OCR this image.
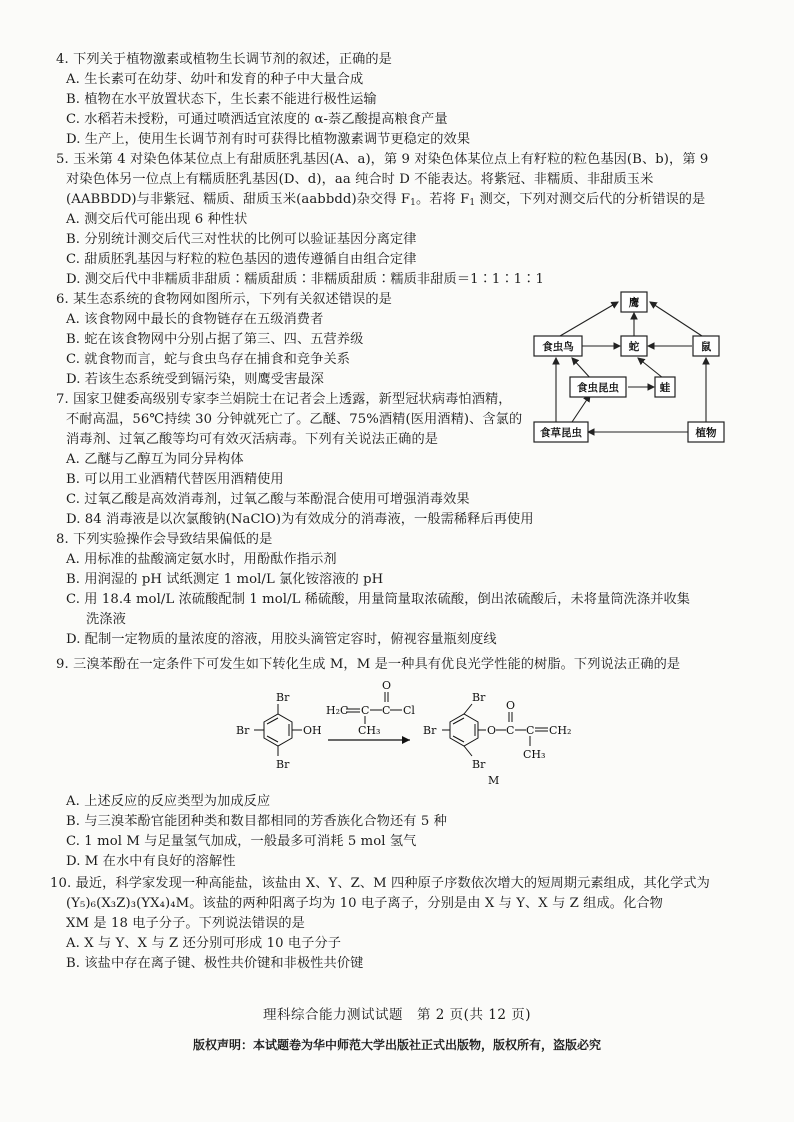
4. 下列关于植物激素或植物生长调节剂的叙述，正确的是
A. 生长素可在幼芽、幼叶和发育的种子中大量合成
B. 植物在水平放置状态下，生长素不能进行极性运输
C. 水稻若未授粉，可通过喷洒适宜浓度的 α-萘乙酸提高粮食产量
D. 生产上，使用生长调节剂有时可获得比植物激素调节更稳定的效果
5. 玉米第 4 对染色体某位点上有甜质胚乳基因(A、a)，第 9 对染色体某位点上有籽粒的粒色基因(B、b)，第 9
对染色体另一位点上有糯质胚乳基因(D、d)，aa 纯合时 D 不能表达。将紫冠、非糯质、非甜质玉米
(AABBDD)与非紫冠、糯质、甜质玉米(aabbdd)杂交得 $F_1$。若将 $F_1$ 测交，下列对测交后代的分析错误的是
A. 测交后代可能出现 6 种性状
B. 分别统计测交后代三对性状的比例可以验证基因分离定律
C. 甜质胚乳基因与籽粒的粒色基因的遗传遵循自由组合定律
D. 测交后代中非糯质非甜质∶糯质甜质∶非糯质甜质∶糯质非甜质＝1∶1∶1∶1
6. 某生态系统的食物网如图所示，下列有关叙述错误的是
A. 该食物网中最长的食物链存在五级消费者
B. 蛇在该食物网中分别占据了第三、四、五营养级
C. 就食物而言，蛇与食虫鸟存在捕食和竞争关系
D. 若该生态系统受到镉污染，则鹰受害最深
鹰
食虫鸟	蛇	鼠
食虫昆虫	蛙
食草昆虫	植物
7. 国家卫健委高级别专家李兰娟院士在记者会上透露，新型冠状病毒怕酒精，
不耐高温，56℃持续 30 分钟就死亡了。乙醚、75%酒精(医用酒精)、含氯的
消毒剂、过氧乙酸等均可有效灭活病毒。下列有关说法正确的是
A. 乙醚与乙醇互为同分异构体
B. 可以用工业酒精代替医用酒精使用
C. 过氧乙酸是高效消毒剂，过氧乙酸与苯酚混合使用可增强消毒效果
D. 84 消毒液是以次氯酸钠(NaClO)为有效成分的消毒液，一般需稀释后再使用
8. 下列实验操作会导致结果偏低的是
A. 用标准的盐酸滴定氨水时，用酚酞作指示剂
B. 用润湿的 pH 试纸测定 1 mol/L 氯化铵溶液的 pH
C. 用 18.4 mol/L 浓硫酸配制 1 mol/L 稀硫酸，用量筒量取浓硫酸，倒出浓硫酸后，未将量筒洗涤并收集
洗涤液
D. 配制一定物质的量浓度的溶液，用胶头滴管定容时，俯视容量瓶刻度线
9. 三溴苯酚在一定条件下可发生如下转化生成 M，M 是一种具有优良光学性能的树脂。下列说法正确的是
Br
Br
Br	OH
H₂C C C Cl
O
CH₃
Br
Br
Br	O C
O
C CH₂
CH₃
M
A. 上述反应的反应类型为加成反应
B. 与三溴苯酚官能团种类和数目都相同的芳香族化合物还有 5 种
C. 1 mol M 与足量氢气加成，一般最多可消耗 5 mol 氢气
D. M 在水中有良好的溶解性
10. 最近，科学家发现一种高能盐，该盐由 X、Y、Z、M 四种原子序数依次增大的短周期元素组成，其化学式为
(Y₅)₆(X₃Z)₃(YX₄)₄M。该盐的两种阳离子均为 10 电子离子，分别是由 X 与 Y、X 与 Z 组成。化合物
XM 是 18 电子分子。下列说法错误的是
A. X 与 Y、X 与 Z 还分别可形成 10 电子分子
B. 该盐中存在离子键、极性共价键和非极性共价键
理科综合能力测试试题　第 2 页(共 12 页)
版权声明：本试题卷为华中师范大学出版社正式出版物，版权所有，盗版必究
